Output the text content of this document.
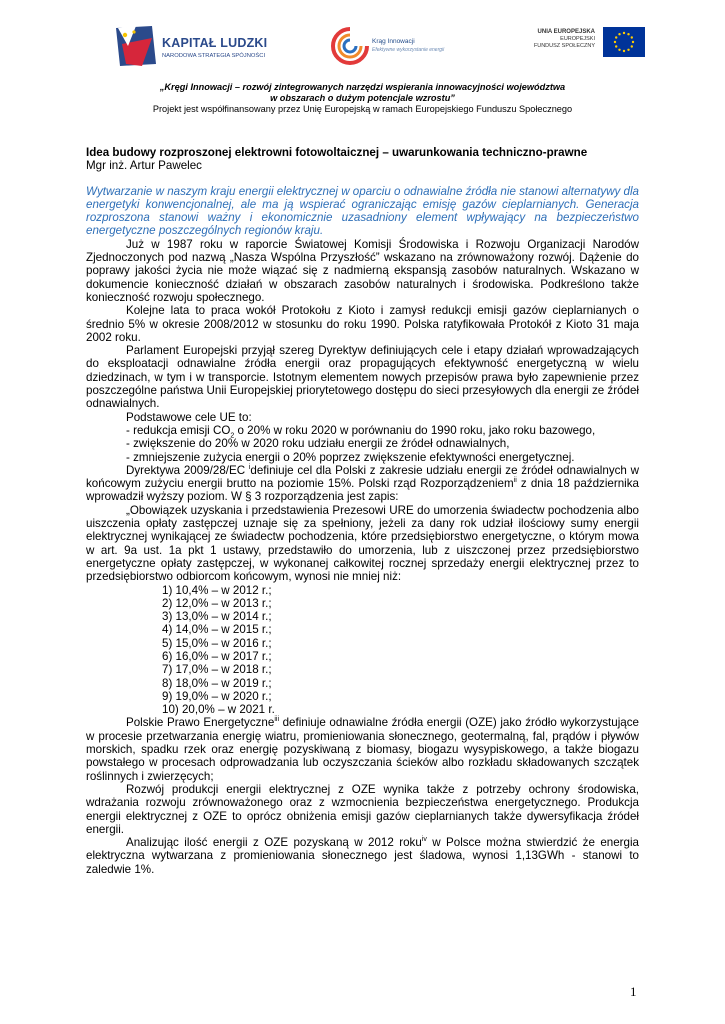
KAPITAŁ LUDZKI
NARODOWA STRATEGIA SPÓJNOŚCI
Krąg Innowacji
Efektywne wykorzystanie energii
UNIA EUROPEJSKA
EUROPEJSKI
FUNDUSZ SPOŁECZNY
„Kręgi Innowacji – rozwój zintegrowanych narzędzi wspierania innowacyjności województwa
w obszarach o dużym potencjale wzrostu”
Projekt jest współfinansowany przez Unię Europejską w ramach Europejskiego Funduszu Społecznego
Idea budowy rozproszonej elektrowni fotowoltaicznej – uwarunkowania techniczno-prawne
Mgr inż. Artur Pawelec
Wytwarzanie w naszym kraju energii elektrycznej w oparciu o odnawialne źródła nie stanowi alternatywy dla energetyki konwencjonalnej, ale ma ją wspierać ograniczając emisję gazów cieplarnianych. Generacja rozproszona stanowi ważny i ekonomicznie uzasadniony element wpływający na bezpieczeństwo energetyczne poszczególnych regionów kraju.
Już w 1987 roku w raporcie Światowej Komisji Środowiska i Rozwoju Organizacji Narodów Zjednoczonych pod nazwą „Nasza Wspólna Przyszłość” wskazano na zrównoważony rozwój. Dążenie do poprawy jakości życia nie może wiązać się z nadmierną ekspansją zasobów naturalnych. Wskazano w dokumencie konieczność działań w obszarach zasobów naturalnych i środowiska. Podkreślono także konieczność rozwoju społecznego.
Kolejne lata to praca wokół Protokołu z Kioto i zamysł redukcji emisji gazów cieplarnianych o średnio 5% w okresie 2008/2012 w stosunku do roku 1990. Polska ratyfikowała Protokół z Kioto 31 maja 2002 roku.
Parlament Europejski przyjął szereg Dyrektyw definiujących cele i etapy działań wprowadzających do eksploatacji odnawialne źródła energii oraz propagujących efektywność energetyczną w wielu dziedzinach, w tym i w transporcie. Istotnym elementem nowych przepisów prawa było zapewnienie przez poszczególne państwa Unii Europejskiej priorytetowego dostępu do sieci przesyłowych dla energii ze źródeł odnawialnych.
Podstawowe cele UE to:
- redukcja emisji $CO_2$ o 20% w roku 2020 w porównaniu do 1990 roku, jako roku bazowego,
- zwiększenie do 20% w 2020 roku udziału energii ze źródeł odnawialnych,
- zmniejszenie zużycia energii o 20% poprzez zwiększenie efektywności energetycznej.
Dyrektywa 2009/28/EC $^i$definiuje cel dla Polski z zakresie udziału energii ze źródeł odnawialnych w końcowym zużyciu energii brutto na poziomie 15%. Polski rząd Rozporządzeniem$^{ii}$ z dnia 18 października wprowadził wyższy poziom. W § 3 rozporządzenia jest zapis:
„Obowiązek uzyskania i przedstawienia Prezesowi URE do umorzenia świadectw pochodzenia albo uiszczenia opłaty zastępczej uznaje się za spełniony, jeżeli za dany rok udział ilościowy sumy energii elektrycznej wynikającej ze świadectw pochodzenia, które przedsiębiorstwo energetyczne, o którym mowa w art. 9a ust. 1a pkt 1 ustawy, przedstawiło do umorzenia, lub z uiszczonej przez przedsiębiorstwo energetyczne opłaty zastępczej, w wykonanej całkowitej rocznej sprzedaży energii elektrycznej przez to przedsiębiorstwo odbiorcom końcowym, wynosi nie mniej niż:
1) 10,4% – w 2012 r.;
2) 12,0% – w 2013 r.;
3) 13,0% – w 2014 r.;
4) 14,0% – w 2015 r.;
5) 15,0% – w 2016 r.;
6) 16,0% – w 2017 r.;
7) 17,0% – w 2018 r.;
8) 18,0% – w 2019 r.;
9) 19,0% – w 2020 r.;
10) 20,0% – w 2021 r.
Polskie Prawo Energetyczne$^{iii}$ definiuje odnawialne źródła energii (OZE) jako źródło wykorzystujące w procesie przetwarzania energię wiatru, promieniowania słonecznego, geotermalną, fal, prądów i pływów morskich, spadku rzek oraz energię pozyskiwaną z biomasy, biogazu wysypiskowego, a także biogazu powstałego w procesach odprowadzania lub oczyszczania ścieków albo rozkładu składowanych szczątek roślinnych i zwierzęcych;
Rozwój produkcji energii elektrycznej z OZE wynika także z potrzeby ochrony środowiska, wdrażania rozwoju zrównoważonego oraz z wzmocnienia bezpieczeństwa energetycznego. Produkcja energii elektrycznej z OZE to oprócz obniżenia emisji gazów cieplarnianych także dywersyfikacja źródeł energii.
Analizując ilość energii z OZE pozyskaną w 2012 roku$^{iv}$ w Polsce można stwierdzić że energia elektryczna wytwarzana z promieniowania słonecznego jest śladowa, wynosi 1,13GWh - stanowi to zaledwie 1%.
1
